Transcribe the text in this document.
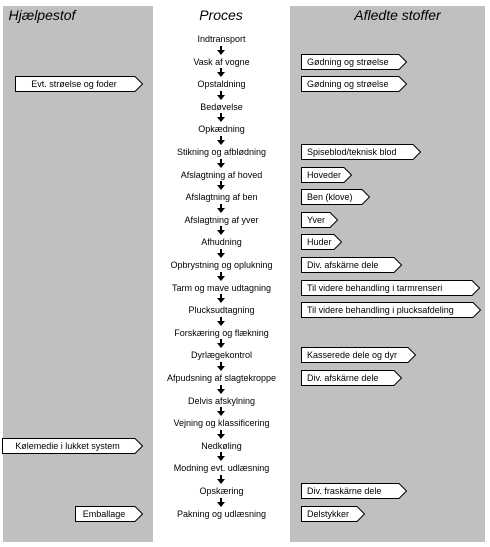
Hjælpestof	Proces	Afledte stoffer
Indtransport
Vask af vogne
Opstaldning
Bedøvelse
Opkædning
Stikning og afblødning
Afslagtning af hoved
Afslagtning af ben
Afslagtning af yver
Afhudning
Opbrystning og oplukning
Tarm og mave udtagning
Plucksudtagning
Forskæring og flækning
Dyrlægekontrol
Afpudsning af slagtekroppe
Delvis afskylning
Vejning og klassificering
Nedkøling
Modning evt. udlæsning
Opskæring
Pakning og udlæsning
Evt. strøelse og foder
Kølemedie i lukket system
Emballage
Gødning og strøelse
Gødning og strøelse
Spiseblod/teknisk blod
Hoveder
Ben (klove)
Yver
Huder
Div. afskärne dele
Til videre behandling i tarmrenseri
Til videre behandling i plucksafdeling
Kasserede dele og dyr
Div. afskärne dele
Div. fraskärne dele
Delstykker
